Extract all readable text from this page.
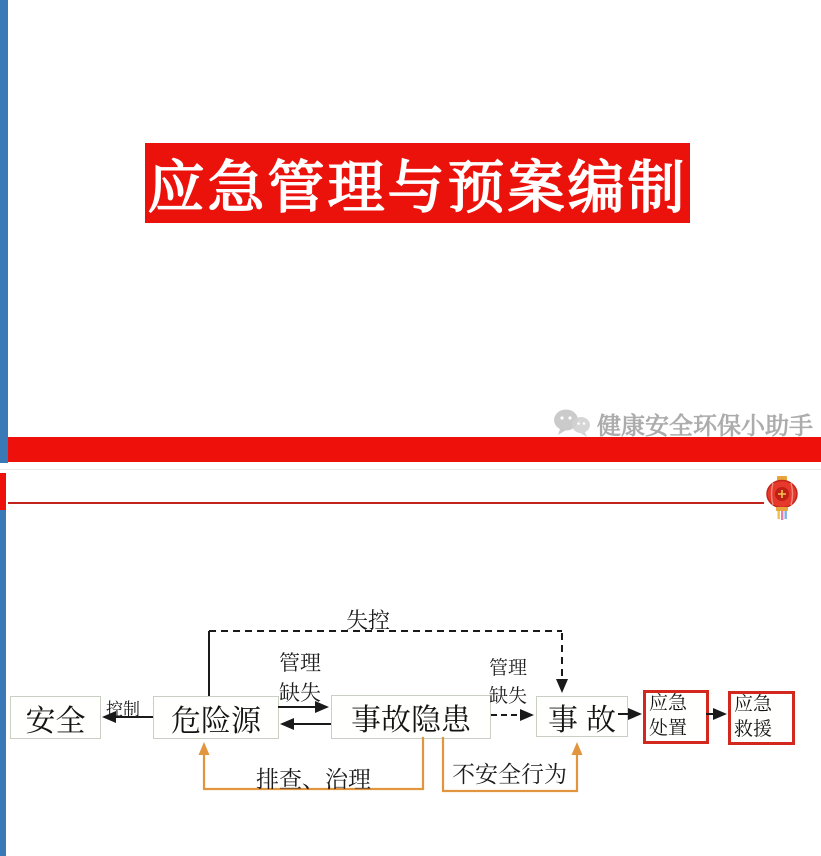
应急管理与预案编制
健康安全环保小助手
安全	危险源	事故隐患	事故	应急处置
应急救援
控制
失控
管理缺失
管理缺失
排查、治理	不安全行为
